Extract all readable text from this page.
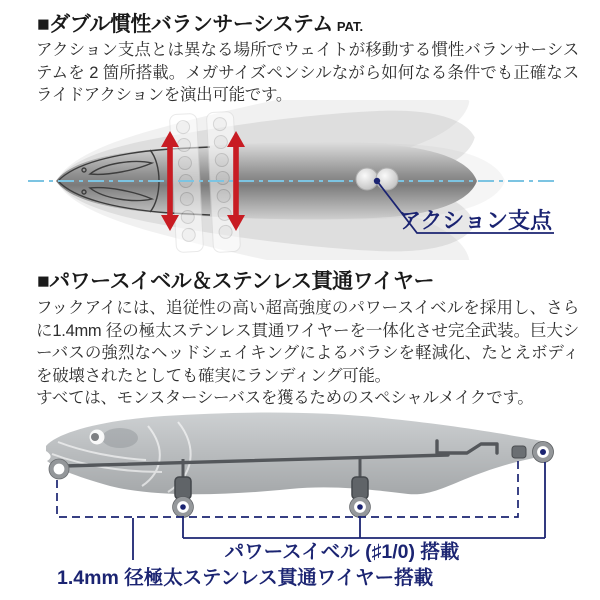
■ダブル慣性バランサーシステム PAT.

アクション支点とは異なる場所でウェイトが移動する慣性バランサーシステムを 2 箇所搭載。メガサイズペンシルながら如何なる条件でも正確なスライドアクションを演出可能です。

アクション支点
■パワースイベル＆ステンレス貫通ワイヤー

フックアイには、追従性の高い超高強度のパワースイベルを採用し、さらに1.4mm 径の極太ステンレス貫通ワイヤーを一体化させ完全武装。巨大シーバスの強烈なヘッドシェイキングによるバラシを軽減化、たとえボディを破壊されたとしても確実にランディング可能。
すべては、モンスターシーバスを獲るためのスペシャルメイクです。

パワースイベル (♯1/0) 搭載
1.4mm 径極太ステンレス貫通ワイヤー搭載
